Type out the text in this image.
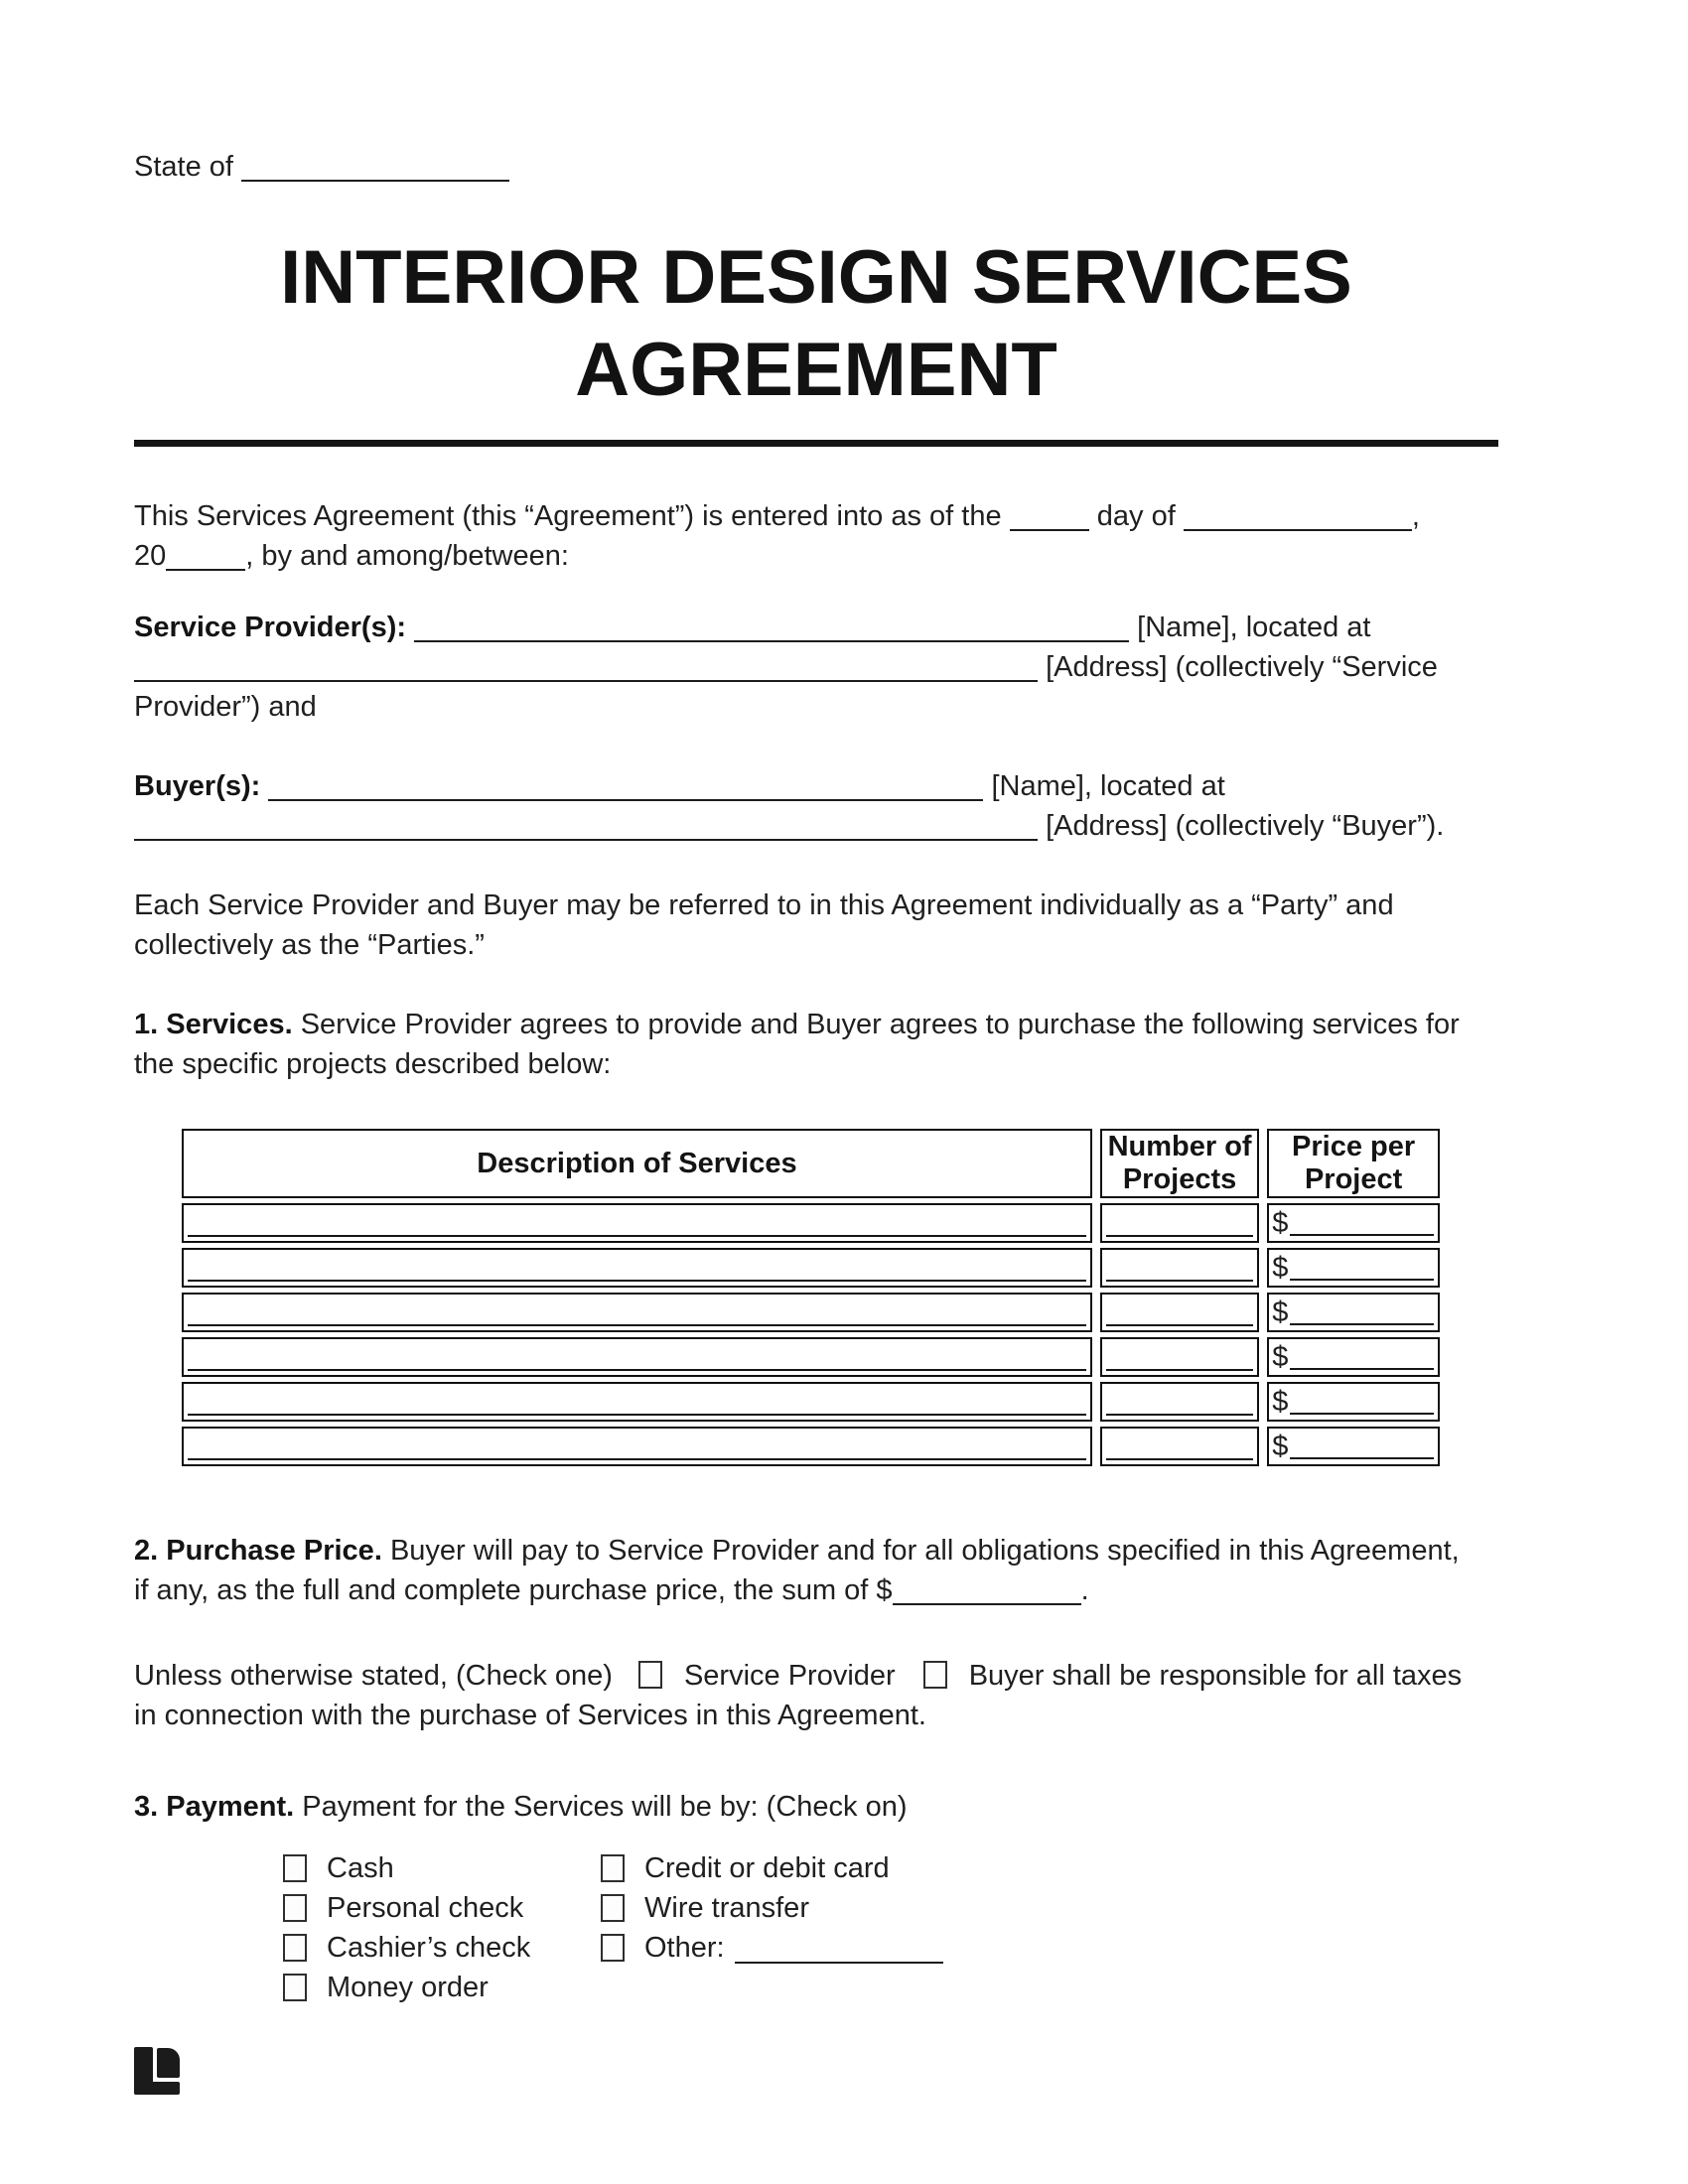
State of

INTERIOR DESIGN SERVICES
AGREEMENT

This Services Agreement (this “Agreement”) is entered into as of the	day of	,
20	, by and among/between:

Service Provider(s):	[Name], located at
[Address] (collectively “Service
Provider”) and

Buyer(s):	[Name], located at
[Address] (collectively “Buyer”).

Each Service Provider and Buyer may be referred to in this Agreement individually as a “Party” and
collectively as the “Parties.”

1. Services. Service Provider agrees to provide and Buyer agrees to purchase the following services for
the specific projects described below:

Description of Services	Number of Projects	Price per Project

		$

		$

		$

		$

		$

		$

2. Purchase Price. Buyer will pay to Service Provider and for all obligations specified in this Agreement,
if any, as the full and complete purchase price, the sum of $	.

Unless otherwise stated, (Check one) Service Provider	Buyer shall be responsible for all taxes
in connection with the purchase of Services in this Agreement.

3. Payment. Payment for the Services will be by: (Check on)

Cash	Credit or debit card
Personal check	Wire transfer
Cashier’s check	Other:
Money order
